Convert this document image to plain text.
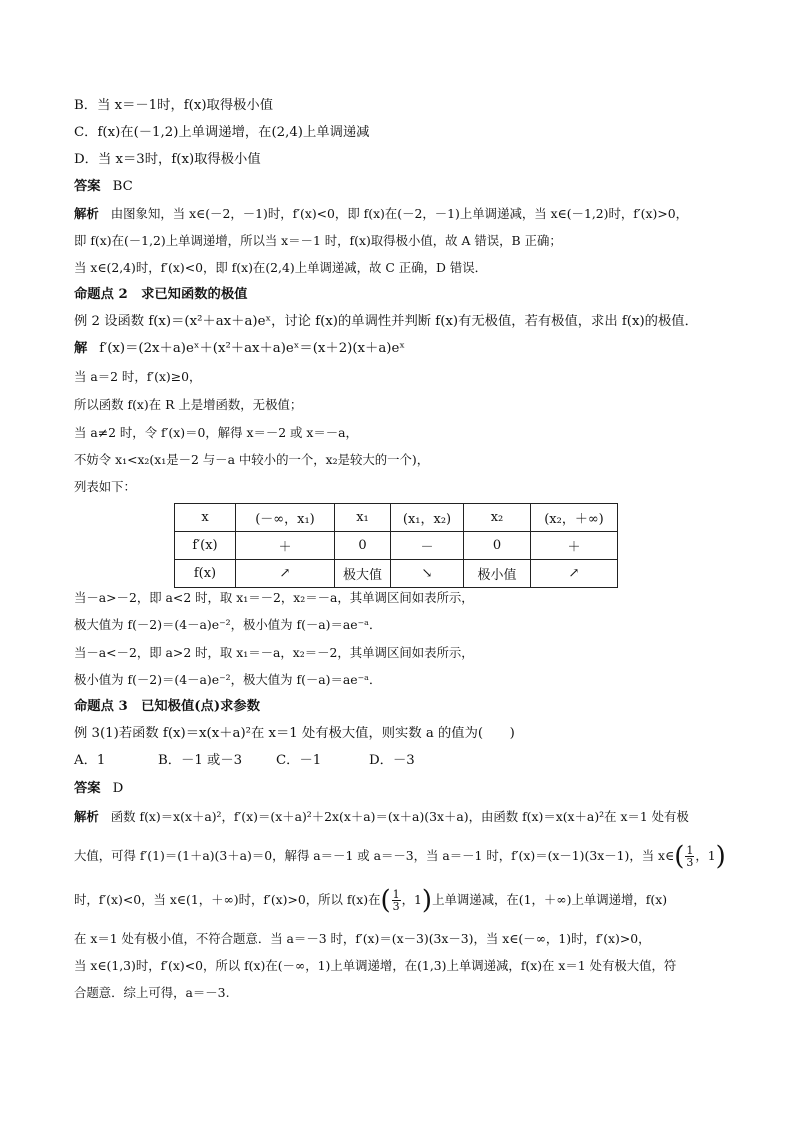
B．当 x＝－1时，f(x)取得极小值
C．f(x)在(－1,2)上单调递增，在(2,4)上单调递减
D．当 x＝3时，f(x)取得极小值
答案 BC
解析 由图象知，当 x∈(－2，－1)时，f′(x)<0，即 f(x)在(－2，－1)上单调递减，当 x∈(－1,2)时，f′(x)>0，
即 f(x)在(－1,2)上单调递增，所以当 x＝－1 时，f(x)取得极小值，故 A 错误，B 正确；
当 x∈(2,4)时，f′(x)<0，即 f(x)在(2,4)上单调递减，故 C 正确，D 错误．
命题点 2　求已知函数的极值
例 2 设函数 f(x)＝(x²＋ax＋a)eˣ，讨论 f(x)的单调性并判断 f(x)有无极值，若有极值，求出 f(x)的极值．
解 f′(x)＝(2x＋a)eˣ＋(x²＋ax＋a)eˣ＝(x＋2)(x＋a)eˣ
当 a＝2 时，f′(x)≥0，
所以函数 f(x)在 R 上是增函数，无极值；
当 a≠2 时，令 f′(x)＝0，解得 x＝－2 或 x＝－a，
不妨令 x₁<x₂(x₁是－2 与－a 中较小的一个，x₂是较大的一个)，
列表如下：
x	(－∞，x₁)	x₁	(x₁，x₂)	x₂	(x₂，＋∞)
f′(x)	＋	0	－	0	＋
f(x)	↗	极大值	↘	极小值	↗
当－a>－2，即 a<2 时，取 x₁＝－2，x₂＝－a，其单调区间如表所示，
极大值为 f(－2)＝(4－a)e⁻²，极小值为 f(－a)＝ae⁻ᵃ．
当－a<－2，即 a>2 时，取 x₁＝－a，x₂＝－2，其单调区间如表所示，
极小值为 f(－2)＝(4－a)e⁻²，极大值为 f(－a)＝ae⁻ᵃ．
命题点 3　已知极值(点)求参数
例 3(1)若函数 f(x)＝x(x＋a)²在 x＝1 处有极大值，则实数 a 的值为(　　)
A．1	B．－1 或－3	C．－1	D．－3
答案 D
解析 函数 f(x)＝x(x＋a)²，f′(x)＝(x＋a)²＋2x(x＋a)＝(x＋a)(3x＋a)，由函数 f(x)＝x(x＋a)²在 x＝1 处有极
大值，可得 f′(1)＝(1＋a)(3＋a)＝0，解得 a＝－1 或 a＝－3，当 a＝－1 时，f′(x)＝(x－1)(3x－1)，当 x∈( $\frac{1}{3}$ ，1)
时，f′(x)<0，当 x∈(1，＋∞)时，f′(x)>0，所以 f(x)在( $\frac{1}{3}$ ，1)上单调递减，在(1，＋∞)上单调递增，f(x)
在 x＝1 处有极小值，不符合题意．当 a＝－3 时，f′(x)＝(x－3)(3x－3)，当 x∈(－∞，1)时，f′(x)>0，
当 x∈(1,3)时，f′(x)<0，所以 f(x)在(－∞，1)上单调递增，在(1,3)上单调递减，f(x)在 x＝1 处有极大值，符
合题意．综上可得，a＝－3.
